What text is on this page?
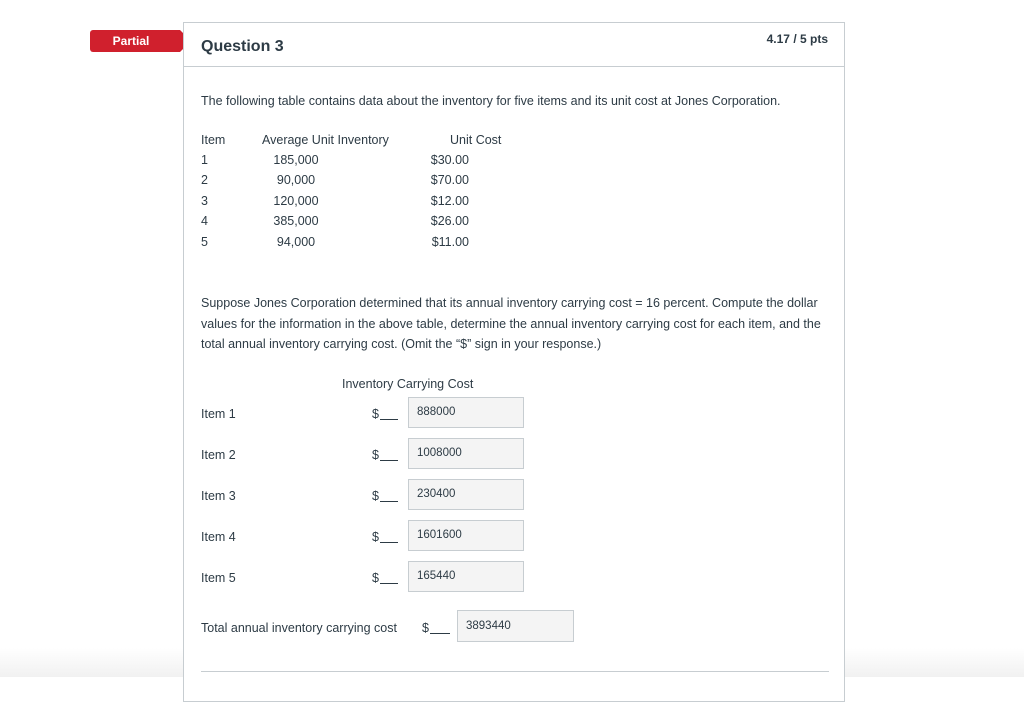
Partial	Question 3	4.17 / 5 pts
The following table contains data about the inventory for five items and its unit cost at Jones Corporation.
Item	Average Unit Inventory	Unit Cost
1	185,000	$30.00
2	90,000	$70.00
3	120,000	$12.00
4	385,000	$26.00
5	94,000	$11.00
Suppose Jones Corporation determined that its annual inventory carrying cost = 16 percent. Compute the dollar values for the information in the above table, determine the annual inventory carrying cost for each item, and the total annual inventory carrying cost. (Omit the “$” sign in your response.)
Inventory Carrying Cost
Item 1	$	888000
Item 2	$	1008000
Item 3	$	230400
Item 4	$	1601600
Item 5	$	165440
Total annual inventory carrying cost $	3893440
